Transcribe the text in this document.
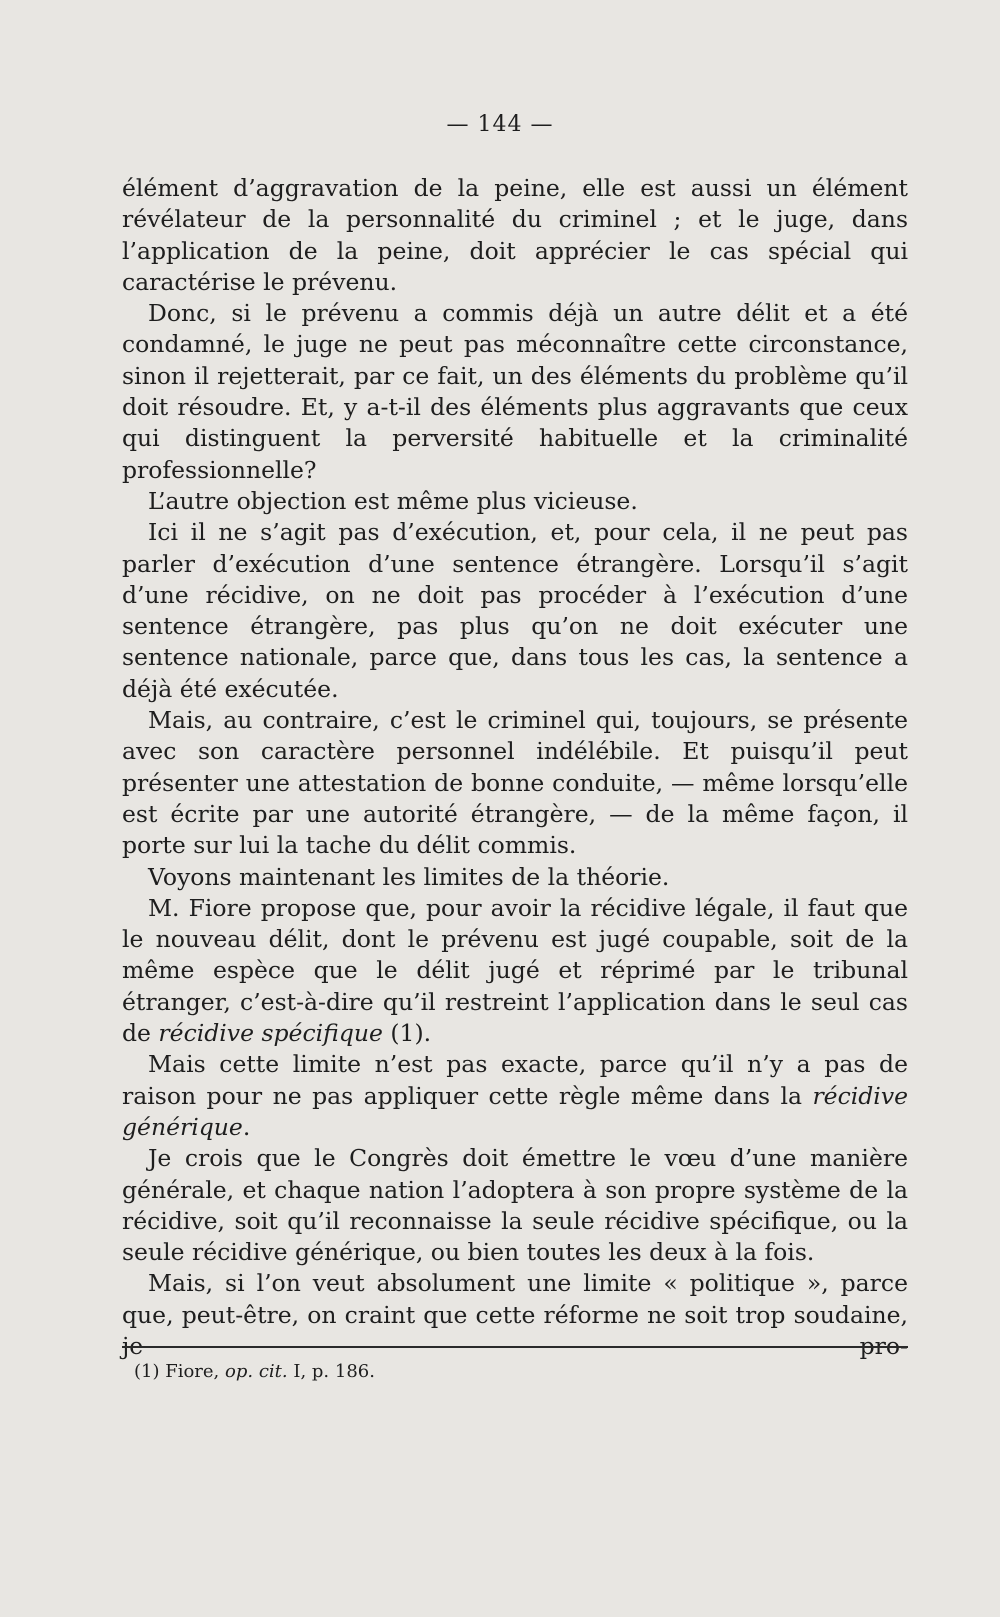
— 144 —

élément d’aggravation de la peine, elle est aussi un élément révélateur de la personnalité du criminel ; et le juge, dans l’application de la peine, doit apprécier le cas spécial qui caractérise le prévenu.

Donc, si le prévenu a commis déjà un autre délit et a été condamné, le juge ne peut pas méconnaître cette circonstance, sinon il rejetterait, par ce fait, un des éléments du problème qu’il doit résoudre. Et, y a-t-il des éléments plus aggravants que ceux qui distinguent la perversité habituelle et la criminalité professionnelle?

L’autre objection est même plus vicieuse.

Ici il ne s’agit pas d’exécution, et, pour cela, il ne peut pas parler d’exécution d’une sentence étrangère. Lorsqu’il s’agit d’une récidive, on ne doit pas procéder à l’exécution d’une sentence étrangère, pas plus qu’on ne doit exécuter une sentence nationale, parce que, dans tous les cas, la sentence a déjà été exécutée.

Mais, au contraire, c’est le criminel qui, toujours, se présente avec son caractère personnel indélébile. Et puisqu’il peut présenter une attestation de bonne conduite, — même lorsqu’elle est écrite par une autorité étrangère, — de la même façon, il porte sur lui la tache du délit commis.

Voyons maintenant les limites de la théorie.

M. Fiore propose que, pour avoir la récidive légale, il faut que le nouveau délit, dont le prévenu est jugé coupable, soit de la même espèce que le délit jugé et réprimé par le tribunal étranger, c’est-à-dire qu’il restreint l’application dans le seul cas de récidive spécifique (1).

Mais cette limite n’est pas exacte, parce qu’il n’y a pas de raison pour ne pas appliquer cette règle même dans la récidive générique.

Je crois que le Congrès doit émettre le vœu d’une manière générale, et chaque nation l’adoptera à son propre système de la récidive, soit qu’il reconnaisse la seule récidive spécifique, ou la seule récidive générique, ou bien toutes les deux à la fois.

Mais, si l’on veut absolument une limite « politique », parce que, peut-être, on craint que cette réforme ne soit trop soudaine, je pro-

(1) Fiore, op. cit. I, p. 186.
